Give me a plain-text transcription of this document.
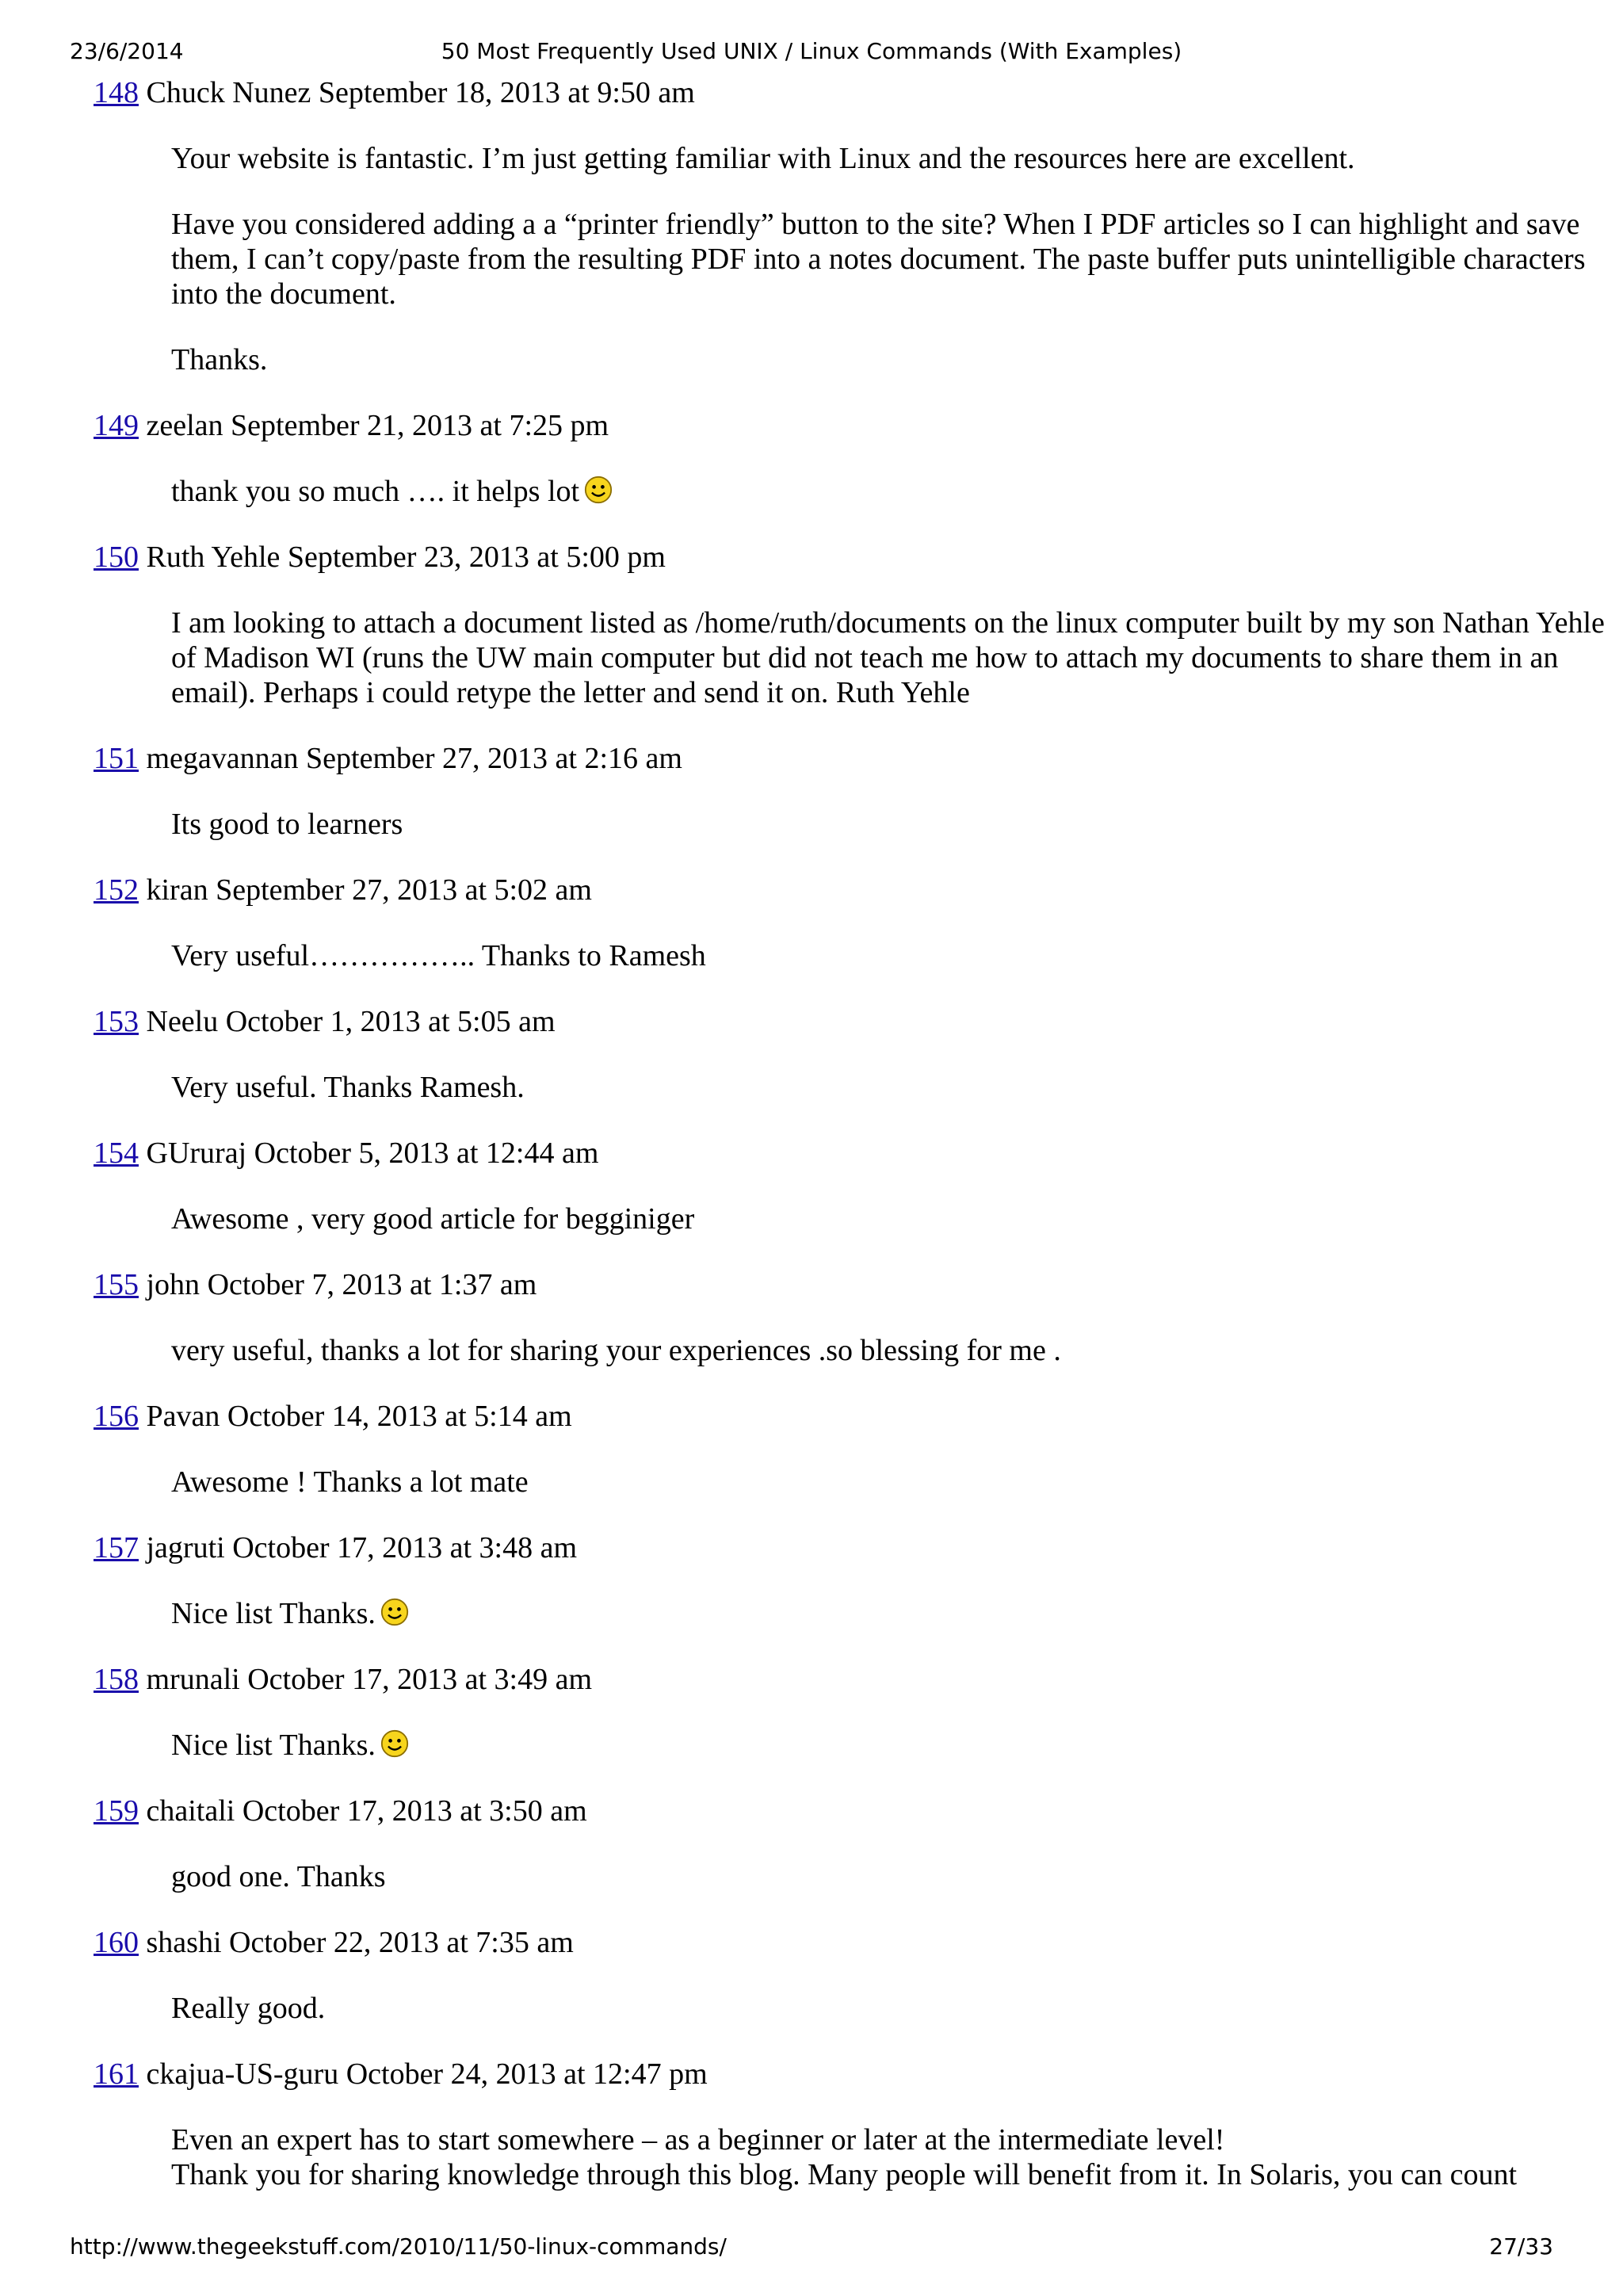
23/6/2014	50 Most Frequently Used UNIX / Linux Commands (With Examples)
148 Chuck Nunez September 18, 2013 at 9:50 am

Your website is fantastic. I’m just getting familiar with Linux and the resources here are excellent.

Have you considered adding a a “printer friendly” button to the site? When I PDF articles so I can highlight and save them, I can’t copy/paste from the resulting PDF into a notes document. The paste buffer puts unintelligible characters into the document.

Thanks.

149 zeelan September 21, 2013 at 7:25 pm

thank you so much …. it helps lot

150 Ruth Yehle September 23, 2013 at 5:00 pm

I am looking to attach a document listed as /home/ruth/documents on the linux computer built by my son Nathan Yehle of Madison WI (runs the UW main computer but did not teach me how to attach my documents to share them in an email). Perhaps i could retype the letter and send it on. Ruth Yehle

151 megavannan September 27, 2013 at 2:16 am

Its good to learners

152 kiran September 27, 2013 at 5:02 am

Very useful…………….. Thanks to Ramesh

153 Neelu October 1, 2013 at 5:05 am

Very useful. Thanks Ramesh.

154 GUruraj October 5, 2013 at 12:44 am

Awesome , very good article for begginiger

155 john October 7, 2013 at 1:37 am

very useful, thanks a lot for sharing your experiences .so blessing for me .

156 Pavan October 14, 2013 at 5:14 am

Awesome ! Thanks a lot mate

157 jagruti October 17, 2013 at 3:48 am

Nice list Thanks.

158 mrunali October 17, 2013 at 3:49 am

Nice list Thanks.

159 chaitali October 17, 2013 at 3:50 am

good one. Thanks

160 shashi October 22, 2013 at 7:35 am

Really good.

161 ckajua-US-guru October 24, 2013 at 12:47 pm

Even an expert has to start somewhere – as a beginner or later at the intermediate level!
Thank you for sharing knowledge through this blog. Many people will benefit from it. In Solaris, you can count

http://www.thegeekstuff.com/2010/11/50-linux-commands/	27/33
